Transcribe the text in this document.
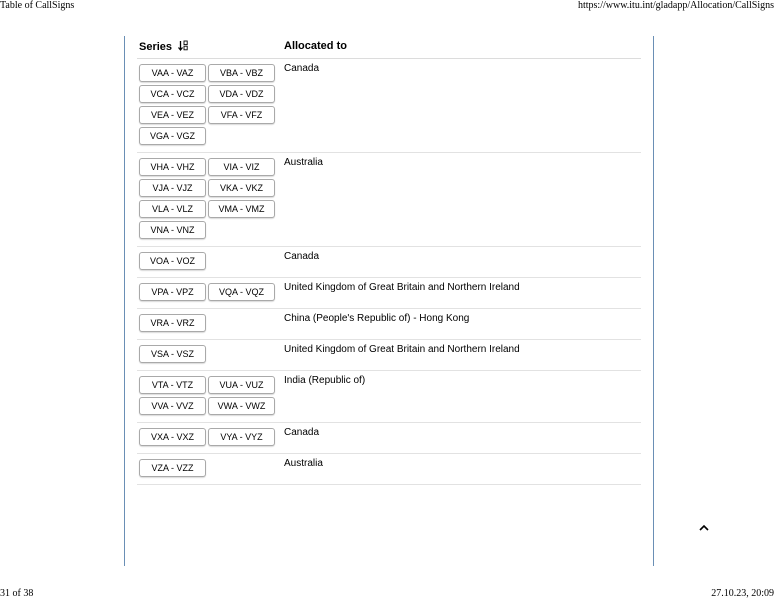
Table of CallSigns	https://www.itu.int/gladapp/Allocation/CallSigns
Series	Allocated to
VAA - VAZ	VBA - VBZ
VCA - VCZ	VDA - VDZ
VEA - VEZ	VFA - VFZ
VGA - VGZ
Canada
VHA - VHZ	VIA - VIZ
VJA - VJZ	VKA - VKZ
VLA - VLZ	VMA - VMZ
VNA - VNZ
Australia
VOA - VOZ	Canada
VPA - VPZ	VQA - VQZ	United Kingdom of Great Britain and Northern Ireland
VRA - VRZ	China (People's Republic of) - Hong Kong
VSA - VSZ	United Kingdom of Great Britain and Northern Ireland
VTA - VTZ	VUA - VUZ
VVA - VVZ	VWA - VWZ
India (Republic of)
VXA - VXZ	VYA - VYZ	Canada
VZA - VZZ	Australia
31 of 38	27.10.23, 20:09
